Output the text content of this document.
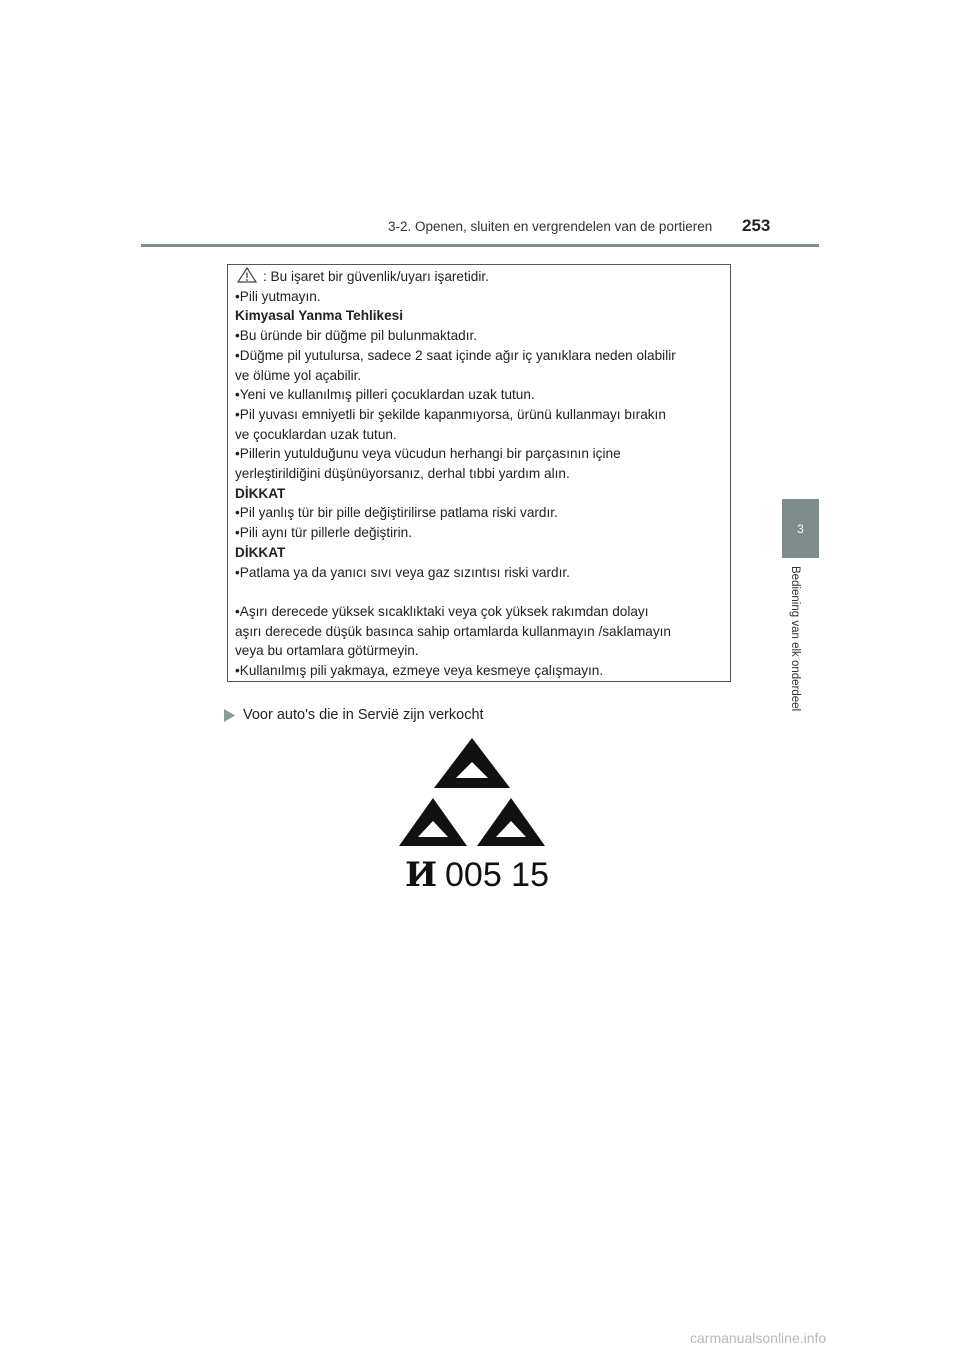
3-2. Openen, sluiten en vergrendelen van de portieren 253
3
Bediening van elk onderdeel
: Bu işaret bir güvenlik/uyarı işaretidir.
•Pili yutmayın.
Kimyasal Yanma Tehlikesi
•Bu üründe bir düğme pil bulunmaktadır.
•Düğme pil yutulursa, sadece 2 saat içinde ağır iç yanıklara neden olabilir
ve ölüme yol açabilir.
•Yeni ve kullanılmış pilleri çocuklardan uzak tutun.
•Pil yuvası emniyetli bir şekilde kapanmıyorsa, ürünü kullanmayı bırakın
ve çocuklardan uzak tutun.
•Pillerin yutulduğunu veya vücudun herhangi bir parçasının içine
yerleştirildiğini düşünüyorsanız, derhal tıbbi yardım alın.
DİKKAT
•Pil yanlış tür bir pille değiştirilirse patlama riski vardır.
•Pili aynı tür pillerle değiştirin.
DİKKAT
•Patlama ya da yanıcı sıvı veya gaz sızıntısı riski vardır.
•Aşırı derecede yüksek sıcaklıktaki veya çok yüksek rakımdan dolayı
aşırı derecede düşük basınca sahip ortamlarda kullanmayın /saklamayın
veya bu ortamlara götürmeyin.
•Kullanılmış pili yakmaya, ezmeye veya kesmeye çalışmayın.
Voor auto's die in Servië zijn verkocht
И 005 15
carmanualsonline.info
